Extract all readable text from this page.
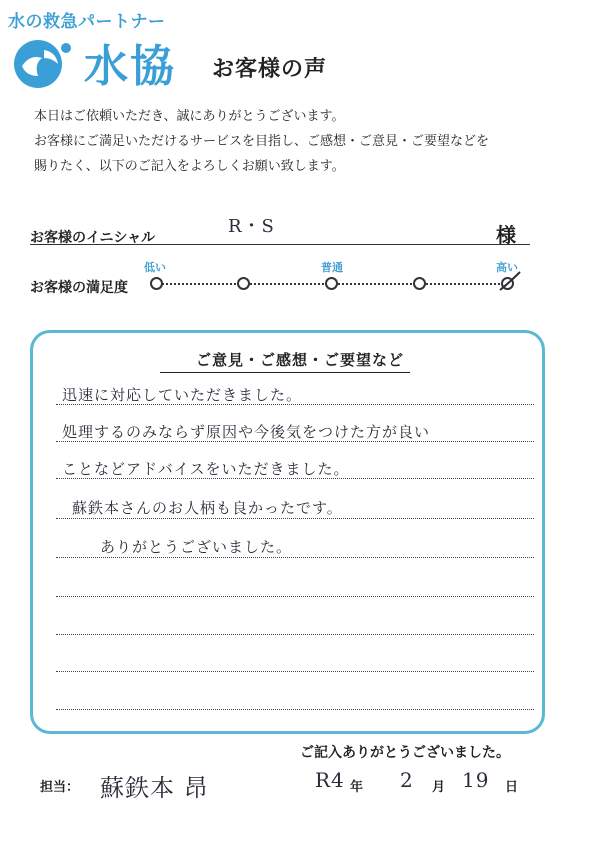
水の救急パートナー
水協 お客様の声
本日はご依頼いただき、誠にありがとうございます。
お客様にご満足いただけるサービスを目指し、ご感想・ご意見・ご要望などを
賜りたく、以下のご記入をよろしくお願い致します。
お客様のイニシャル
R・S	様
お客様の満足度
低い	普通	高い
ご意見・ご感想・ご要望など
迅速に対応していただきました。
処理するのみならず原因や今後気をつけた方が良い
ことなどアドバイスをいただきました。
蘇鉄本さんのお人柄も良かったです。
ありがとうございました。
ご記入ありがとうございました。
担当： 蘇鉄本 昂	R4 年 2 月 19 日
